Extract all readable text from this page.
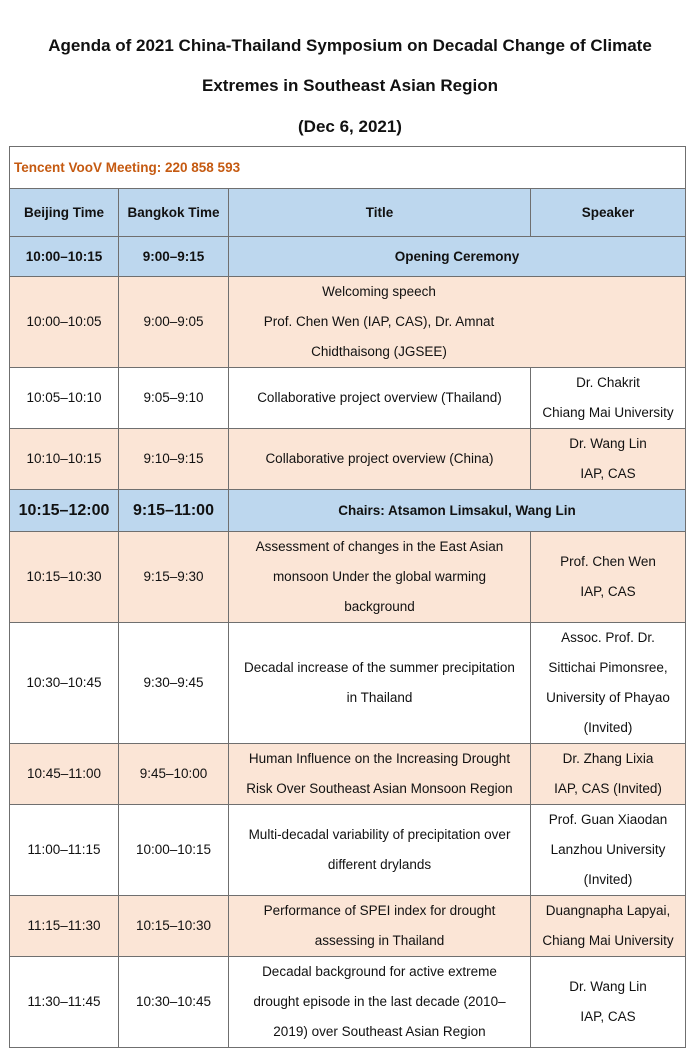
Agenda of 2021 China-Thailand Symposium on Decadal Change of Climate
Extremes in Southeast Asian Region
(Dec 6, 2021)
Tencent VooV Meeting: 220 858 593			
Beijing Time	Bangkok Time	Title	Speaker
10:00–10:15	9:00–9:15	Opening Ceremony	
10:00–10:05	9:00–9:05	Welcoming speech
Prof. Chen Wen (IAP, CAS), Dr. Amnat Chidthaisong (JGSEE)	

10:05–10:10	9:05–9:10	Collaborative project overview (Thailand)	Dr. Chakrit
Chiang Mai University

10:10–10:15	9:10–9:15	Collaborative project overview (China)	Dr. Wang Lin
IAP, CAS

10:15–12:00	9:15–11:00	Chairs: Atsamon Limsakul, Wang Lin	
10:15–10:30	9:15–9:30	Assessment of changes in the East Asian
monsoon Under the global warming
background	Prof. Chen Wen
IAP, CAS

10:30–10:45	9:30–9:45	Decadal increase of the summer precipitation
in Thailand	Assoc. Prof. Dr.
Sittichai Pimonsree,
University of Phayao
(Invited)

10:45–11:00	9:45–10:00	Human Influence on the Increasing Drought
Risk Over Southeast Asian Monsoon Region	Dr. Zhang Lixia
IAP, CAS (Invited)

11:00–11:15	10:00–10:15	Multi-decadal variability of precipitation over
different drylands	Prof. Guan Xiaodan
Lanzhou University
(Invited)

11:15–11:30	10:15–10:30	Performance of SPEI index for drought
assessing in Thailand	Duangnapha Lapyai,
Chiang Mai University

11:30–11:45	10:30–10:45	Decadal background for active extreme
drought episode in the last decade (2010–
2019) over Southeast Asian Region	Dr. Wang Lin
IAP, CAS
